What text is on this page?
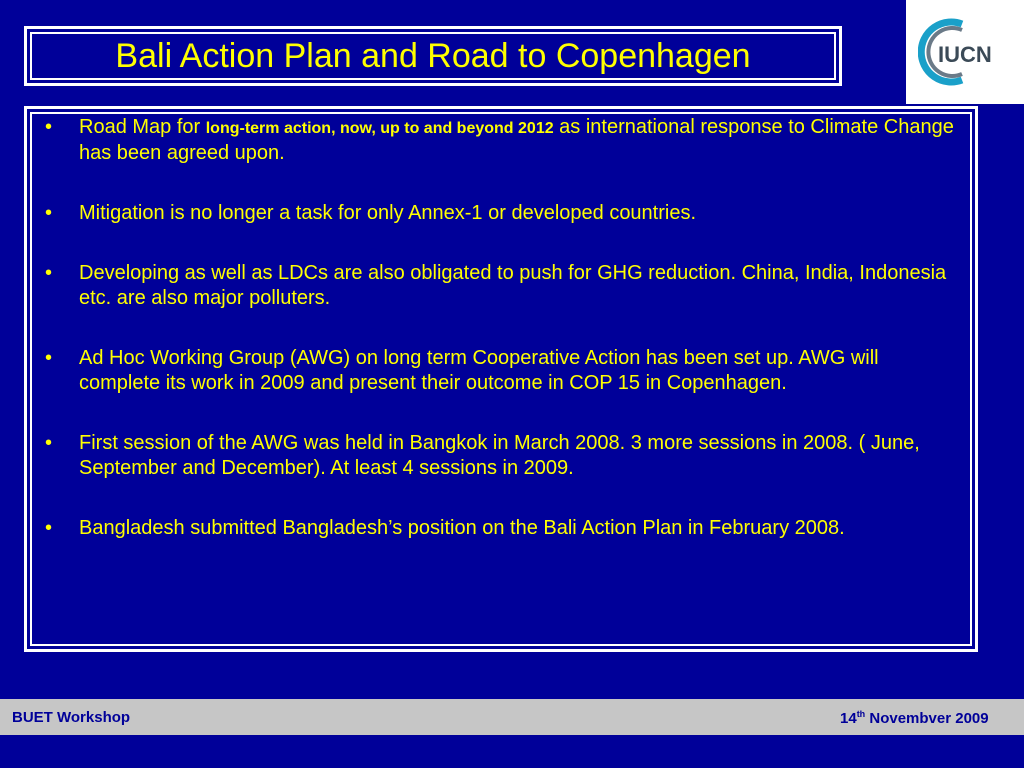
Bali Action Plan and Road to Copenhagen	IUCN
•	Road Map for long-term action, now, up to and beyond 2012 as international response to Climate Change has been agreed upon.
•	Mitigation is no longer a task for only Annex-1 or developed countries.
•	Developing as well as LDCs are also obligated to push for GHG reduction. China, India, Indonesia etc. are also major polluters.
•	Ad Hoc Working Group (AWG) on long term Cooperative Action has been set up. AWG will complete its work in 2009 and present their outcome in COP 15 in Copenhagen.
•	First session of the AWG was held in Bangkok in March 2008. 3 more sessions in 2008. ( June, September and December). At least 4 sessions in 2009.
•	Bangladesh submitted Bangladesh’s position on the Bali Action Plan in February 2008.
BUET Workshop	14th Novembver 2009
